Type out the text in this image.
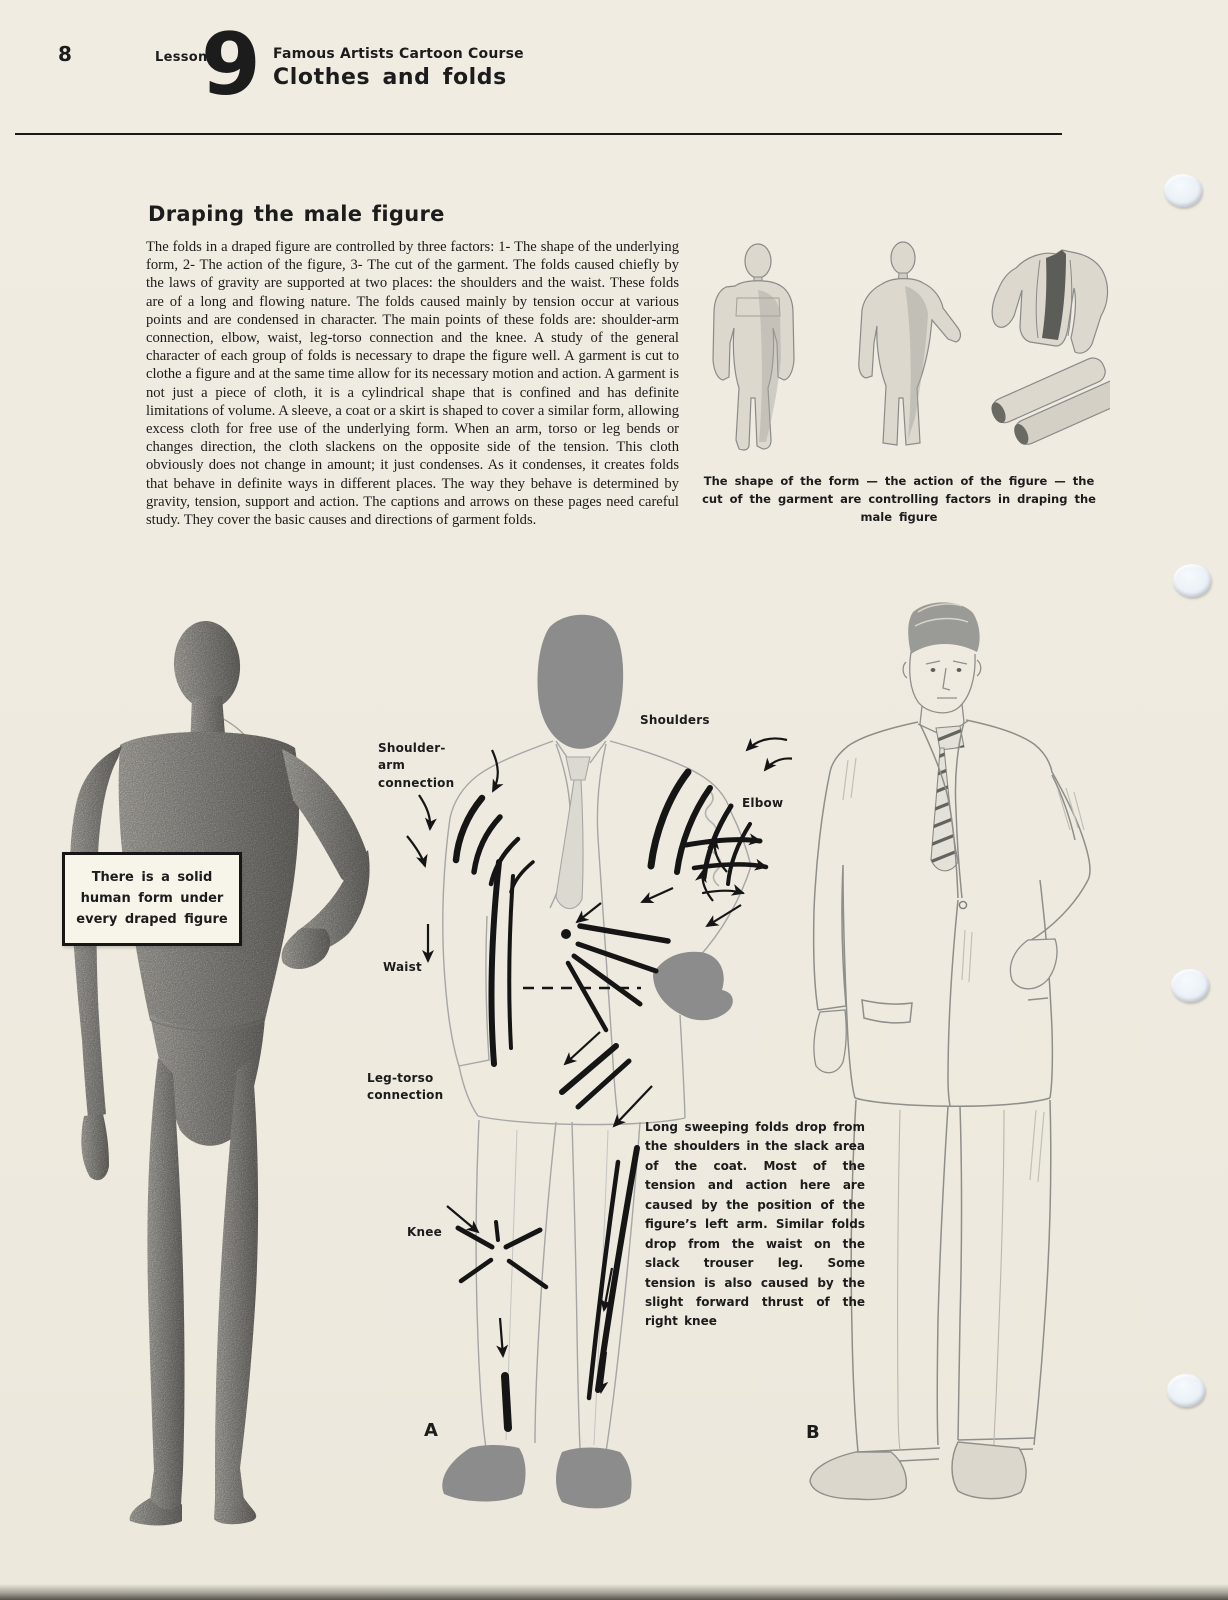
8	Lesson
9 Famous Artists Cartoon Course
Clothes and folds
Draping the male figure

The folds in a draped figure are controlled by three factors: 1- The shape of the underlying form, 2- The action of the figure, 3- The cut of the garment. The folds caused chiefly by the laws of gravity are supported at two places: the shoulders and the waist. These folds are of a long and flowing nature. The folds caused mainly by tension occur at various points and are condensed in character. The main points of these folds are: shoulder-arm connection, elbow, waist, leg-torso connection and the knee. A study of the general character of each group of folds is necessary to drape the figure well. A garment is cut to clothe a figure and at the same time allow for its necessary motion and action. A garment is not just a piece of cloth, it is a cylindrical shape that is confined and has definite limitations of volume. A sleeve, a coat or a skirt is shaped to cover a similar form, allowing excess cloth for free use of the underlying form. When an arm, torso or leg bends or changes direction, the cloth slackens on the opposite side of the tension. This cloth obviously does not change in amount; it just condenses. As it condenses, it creates folds that behave in definite ways in different places. The way they behave is determined by gravity, tension, support and action. The captions and arrows on these pages need careful study. They cover the basic causes and directions of garment folds.

The shape of the form — the action of the figure — the cut of the garment are controlling factors in draping the male figure
There is a solid human form under every draped figure
Shoulder-arm connection
Shoulders
Elbow
Waist
Leg-torso connection
Knee
Long sweeping folds drop from the shoulders in the slack area of the coat. Most of the tension and action here are caused by the position of the figure’s left arm. Similar folds drop from the waist on the slack trouser leg. Some tension is also caused by the slight forward thrust of the right knee
A	B
